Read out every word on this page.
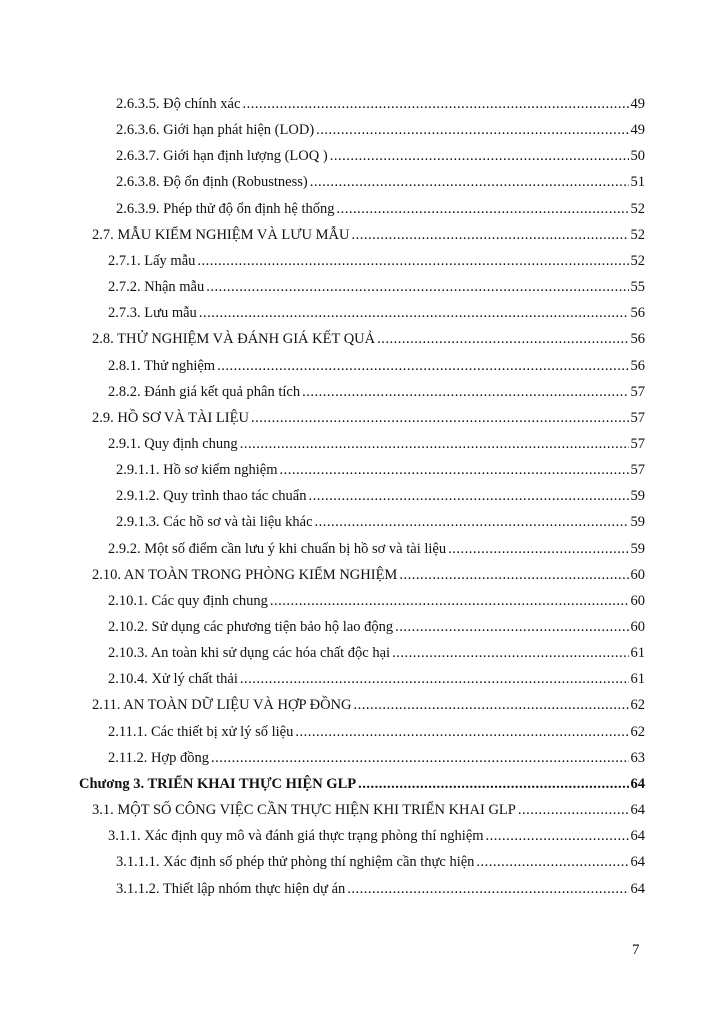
2.6.3.5. Độ chính xác .....	49
2.6.3.6. Giới hạn phát hiện (LOD) .....	49
2.6.3.7. Giới hạn định lượng (LOQ ) .....	50
2.6.3.8. Độ ổn định (Robustness) .....	51
2.6.3.9. Phép thử độ ổn định hệ thống .....	52
2.7. MẪU KIỂM NGHIỆM VÀ LƯU MẪU .....	52
2.7.1. Lấy mẫu .....	52
2.7.2. Nhận mẫu .....	55
2.7.3. Lưu mẫu .....	56
2.8. THỬ NGHIỆM VÀ ĐÁNH GIÁ KẾT QUẢ .....	56
2.8.1. Thử nghiệm .....	56
2.8.2. Đánh giá kết quả phân tích .....	57
2.9. HỒ SƠ VÀ TÀI LIỆU .....	57
2.9.1. Quy định chung .....	57
2.9.1.1. Hồ sơ kiểm nghiệm .....	57
2.9.1.2. Quy trình thao tác chuẩn .....	59
2.9.1.3. Các hồ sơ và tài liệu khác .....	59
2.9.2. Một số điểm cần lưu ý khi chuẩn bị hồ sơ và tài liệu .....	59
2.10. AN TOÀN TRONG PHÒNG KIỂM NGHIỆM .....	60
2.10.1. Các quy định chung .....	60
2.10.2. Sử dụng các phương tiện bảo hộ lao động .....	60
2.10.3. An toàn khi sử dụng các hóa chất độc hại .....	61
2.10.4. Xử lý chất thải .....	61
2.11. AN TOÀN DỮ LIỆU VÀ HỢP ĐỒNG .....	62
2.11.1. Các thiết bị xử lý số liệu .....	62
2.11.2. Hợp đồng .....	63
Chương 3. TRIỂN KHAI THỰC HIỆN GLP .....	64
3.1. MỘT SỐ CÔNG VIỆC CẦN THỰC HIỆN KHI TRIỂN KHAI GLP .....	64
3.1.1. Xác định quy mô và đánh giá thực trạng phòng thí nghiệm .....	64
3.1.1.1. Xác định số phép thử phòng thí nghiệm cần thực hiện .....	64
3.1.1.2. Thiết lập nhóm thực hiện dự án .....	64
7
